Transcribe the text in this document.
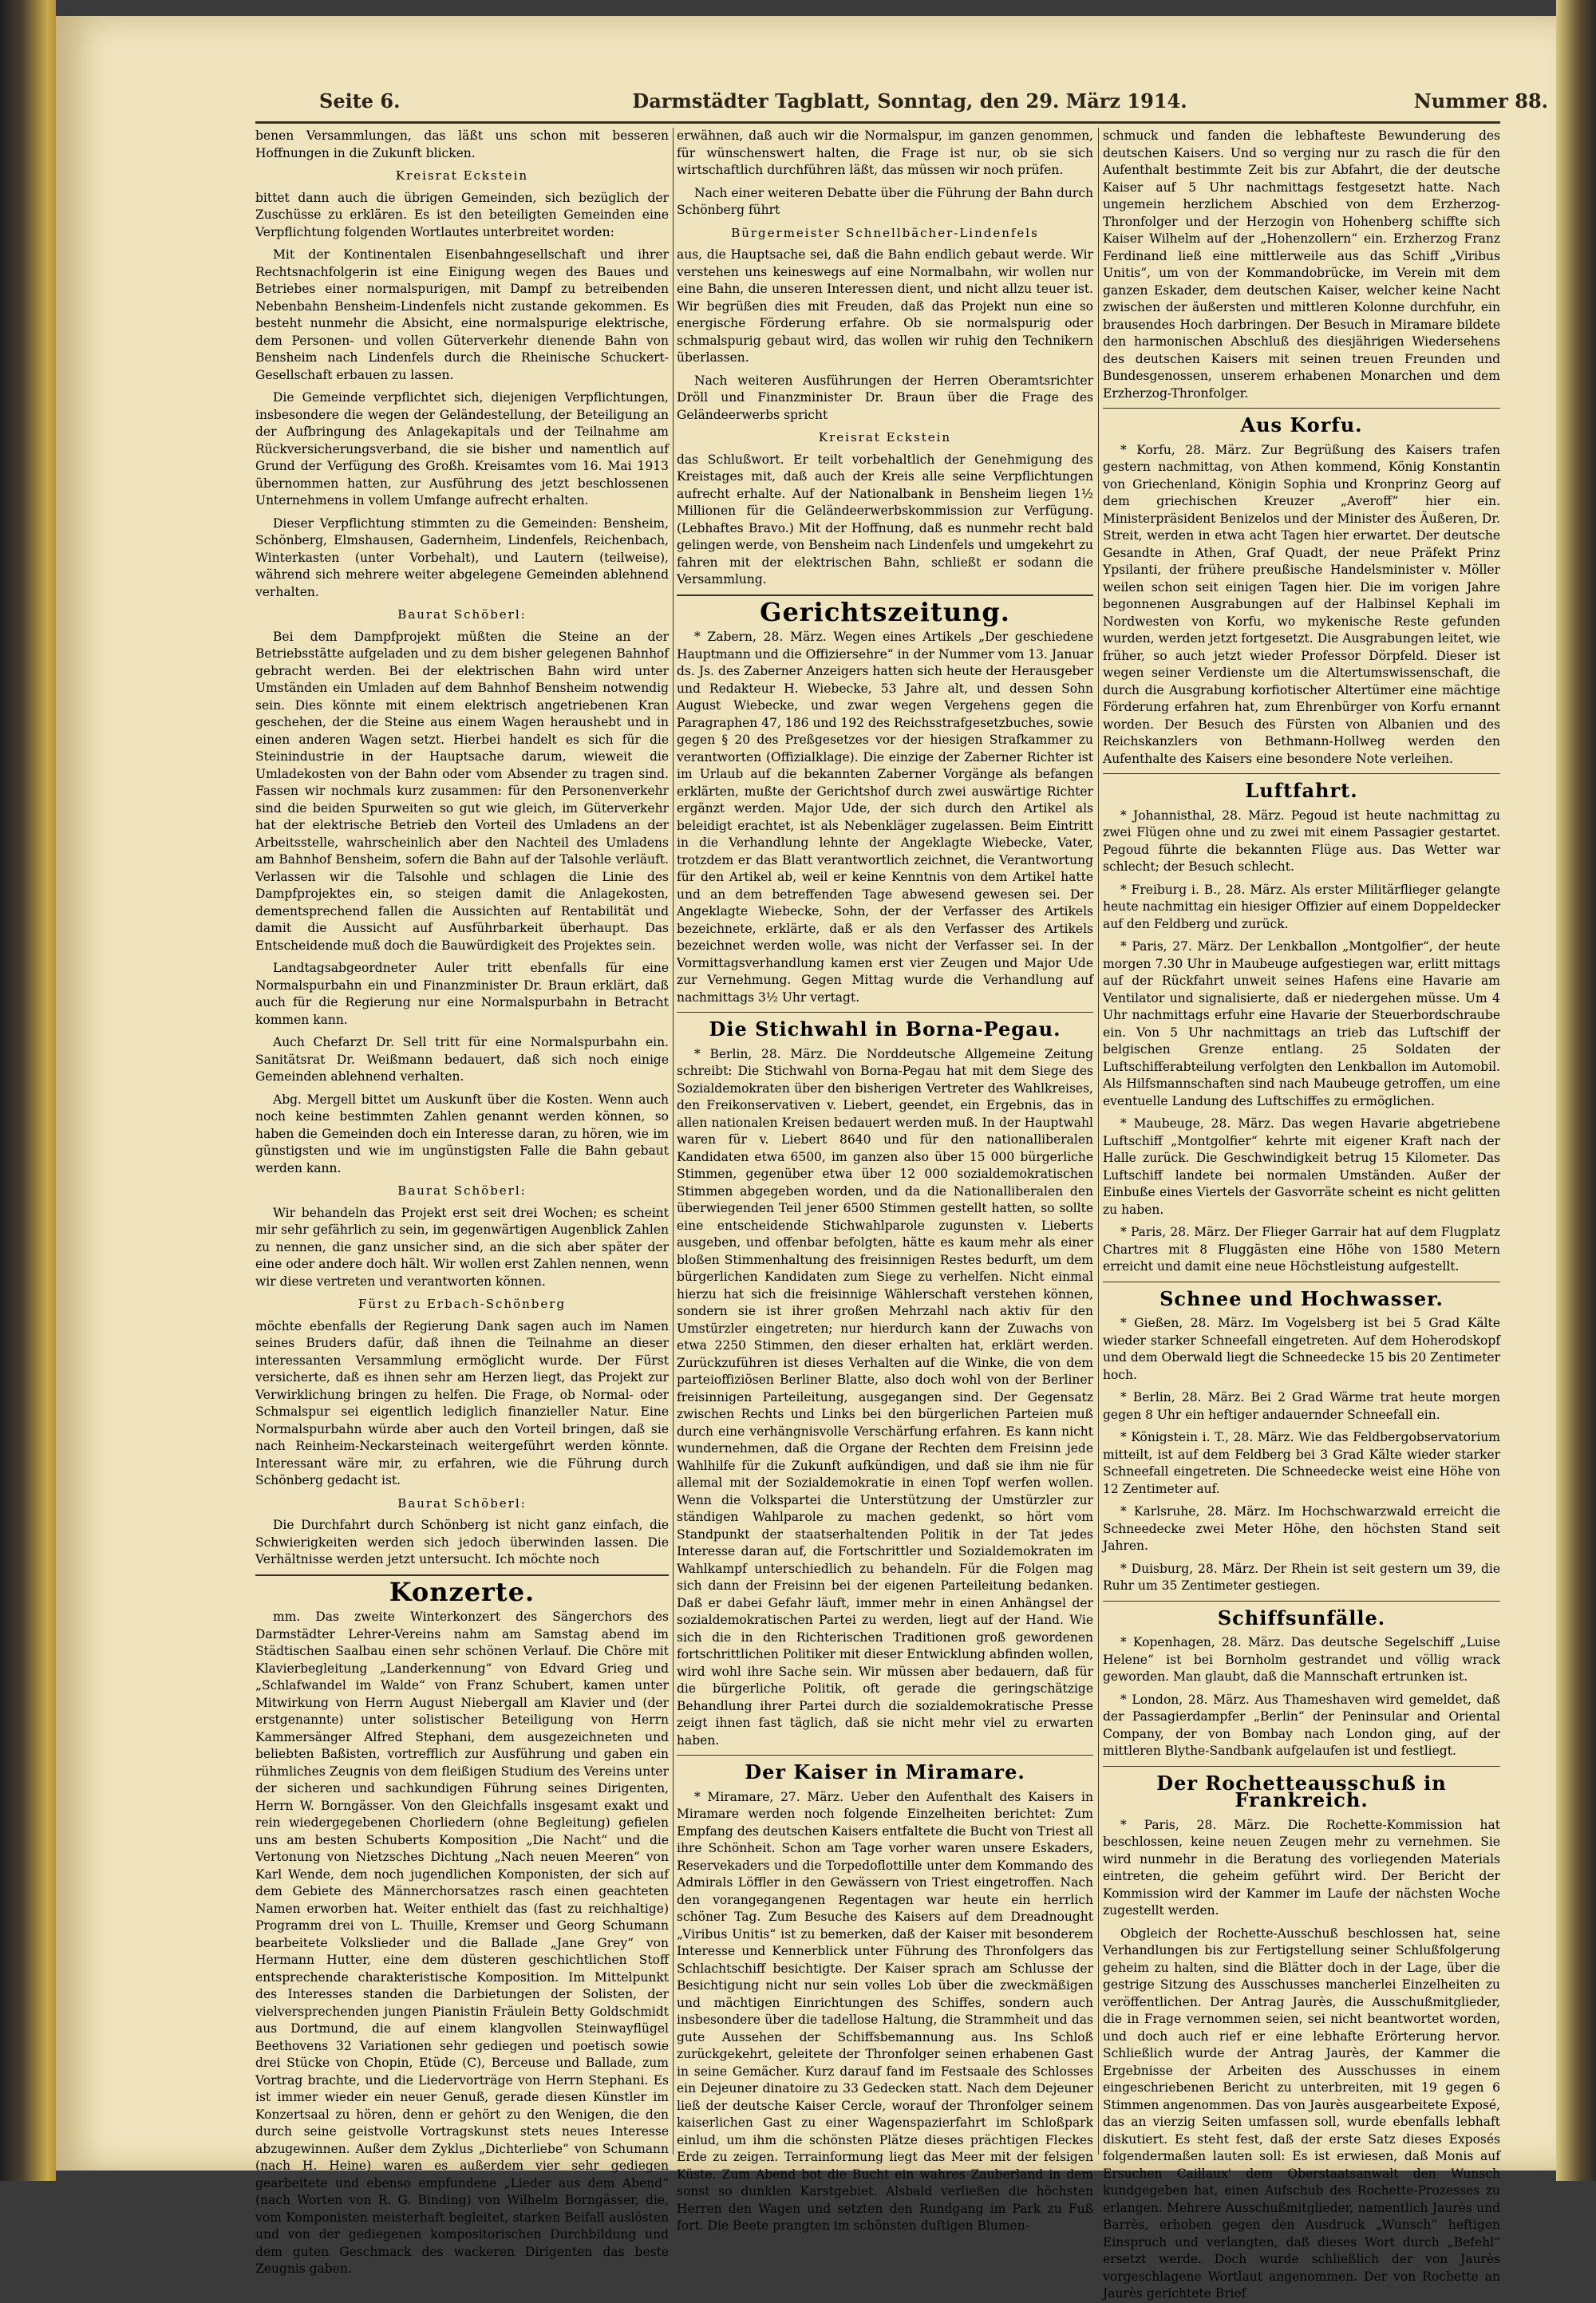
Seite 6.	Darmstädter Tagblatt, Sonntag, den 29. März 1914.	Nummer 88.

benen Versammlungen, das läßt uns schon mit besseren Hoffnungen in die Zukunft blicken.

Kreisrat Eckstein

bittet dann auch die übrigen Gemeinden, sich bezüglich der Zuschüsse zu erklären. Es ist den beteiligten Gemeinden eine Verpflichtung folgenden Wortlautes unterbreitet worden:

Mit der Kontinentalen Eisenbahngesellschaft und ihrer Rechtsnachfolgerin ist eine Einigung wegen des Baues und Betriebes einer normalspurigen, mit Dampf zu betreibenden Nebenbahn Bensheim-Lindenfels nicht zustande gekommen. Es besteht nunmehr die Absicht, eine normalspurige elektrische, dem Personen- und vollen Güterverkehr dienende Bahn von Bensheim nach Lindenfels durch die Rheinische Schuckert-Gesellschaft erbauen zu lassen.

Die Gemeinde verpflichtet sich, diejenigen Verpflichtungen, insbesondere die wegen der Geländestellung, der Beteiligung an der Aufbringung des Anlagekapitals und der Teilnahme am Rückversicherungsverband, die sie bisher und namentlich auf Grund der Verfügung des Großh. Kreisamtes vom 16. Mai 1913 übernommen hatten, zur Ausführung des jetzt beschlossenen Unternehmens in vollem Umfange aufrecht erhalten.

Dieser Verpflichtung stimmten zu die Gemeinden: Bensheim, Schönberg, Elmshausen, Gadernheim, Lindenfels, Reichenbach, Winterkasten (unter Vorbehalt), und Lautern (teilweise), während sich mehrere weiter abgelegene Gemeinden ablehnend verhalten.

Baurat Schöberl:

Bei dem Dampfprojekt müßten die Steine an der Betriebsstätte aufgeladen und zu dem bisher gelegenen Bahnhof gebracht werden. Bei der elektrischen Bahn wird unter Umständen ein Umladen auf dem Bahnhof Bensheim notwendig sein. Dies könnte mit einem elektrisch angetriebenen Kran geschehen, der die Steine aus einem Wagen heraushebt und in einen anderen Wagen setzt. Hierbei handelt es sich für die Steinindustrie in der Hauptsache darum, wieweit die Umladekosten von der Bahn oder vom Absender zu tragen sind. Fassen wir nochmals kurz zusammen: für den Personenverkehr sind die beiden Spurweiten so gut wie gleich, im Güterverkehr hat der elektrische Betrieb den Vorteil des Umladens an der Arbeitsstelle, wahrscheinlich aber den Nachteil des Umladens am Bahnhof Bensheim, sofern die Bahn auf der Talsohle verläuft. Verlassen wir die Talsohle und schlagen die Linie des Dampfprojektes ein, so steigen damit die Anlagekosten, dementsprechend fallen die Aussichten auf Rentabilität und damit die Aussicht auf Ausführbarkeit überhaupt. Das Entscheidende muß doch die Bauwürdigkeit des Projektes sein.

Landtagsabgeordneter Auler tritt ebenfalls für eine Normalspurbahn ein und Finanzminister Dr. Braun erklärt, daß auch für die Regierung nur eine Normalspurbahn in Betracht kommen kann.

Auch Chefarzt Dr. Sell tritt für eine Normalspurbahn ein. Sanitätsrat Dr. Weißmann bedauert, daß sich noch einige Gemeinden ablehnend verhalten.

Abg. Mergell bittet um Auskunft über die Kosten. Wenn auch noch keine bestimmten Zahlen genannt werden können, so haben die Gemeinden doch ein Interesse daran, zu hören, wie im günstigsten und wie im ungünstigsten Falle die Bahn gebaut werden kann.

Baurat Schöberl:

Wir behandeln das Projekt erst seit drei Wochen; es scheint mir sehr gefährlich zu sein, im gegenwärtigen Augenblick Zahlen zu nennen, die ganz unsicher sind, an die sich aber später der eine oder andere doch hält. Wir wollen erst Zahlen nennen, wenn wir diese vertreten und verantworten können.

Fürst zu Erbach-Schönberg

möchte ebenfalls der Regierung Dank sagen auch im Namen seines Bruders dafür, daß ihnen die Teilnahme an dieser interessanten Versammlung ermöglicht wurde. Der Fürst versicherte, daß es ihnen sehr am Herzen liegt, das Projekt zur Verwirklichung bringen zu helfen. Die Frage, ob Normal- oder Schmalspur sei eigentlich lediglich finanzieller Natur. Eine Normalspurbahn würde aber auch den Vorteil bringen, daß sie nach Reinheim-Neckarsteinach weitergeführt werden könnte. Interessant wäre mir, zu erfahren, wie die Führung durch Schönberg gedacht ist.

Baurat Schöberl:

Die Durchfahrt durch Schönberg ist nicht ganz einfach, die Schwierigkeiten werden sich jedoch überwinden lassen. Die Verhältnisse werden jetzt untersucht. Ich möchte noch

Konzerte.

mm. Das zweite Winterkonzert des Sängerchors des Darmstädter Lehrer-Vereins nahm am Samstag abend im Städtischen Saalbau einen sehr schönen Verlauf. Die Chöre mit Klavierbegleitung „Landerkennung“ von Edvard Grieg und „Schlafwandel im Walde“ von Franz Schubert, kamen unter Mitwirkung von Herrn August Niebergall am Klavier und (der erstgenannte) unter solistischer Beteiligung von Herrn Kammersänger Alfred Stephani, dem ausgezeichneten und beliebten Baßisten, vortrefflich zur Ausführung und gaben ein rühmliches Zeugnis von dem fleißigen Studium des Vereins unter der sicheren und sachkundigen Führung seines Dirigenten, Herrn W. Borngässer. Von den Gleichfalls insgesamt exakt und rein wiedergegebenen Chorliedern (ohne Begleitung) gefielen uns am besten Schuberts Komposition „Die Nacht“ und die Vertonung von Nietzsches Dichtung „Nach neuen Meeren“ von Karl Wende, dem noch jugendlichen Komponisten, der sich auf dem Gebiete des Männerchorsatzes rasch einen geachteten Namen erworben hat. Weiter enthielt das (fast zu reichhaltige) Programm drei von L. Thuille, Kremser und Georg Schumann bearbeitete Volkslieder und die Ballade „Jane Grey“ von Hermann Hutter, eine dem düsteren geschichtlichen Stoff entsprechende charakteristische Komposition. Im Mittelpunkt des Interesses standen die Darbietungen der Solisten, der vielversprechenden jungen Pianistin Fräulein Betty Goldschmidt aus Dortmund, die auf einem klangvollen Steinwayflügel Beethovens 32 Variationen sehr gediegen und poetisch sowie drei Stücke von Chopin, Etüde (C), Berceuse und Ballade, zum Vortrag brachte, und die Liedervorträge von Herrn Stephani. Es ist immer wieder ein neuer Genuß, gerade diesen Künstler im Konzertsaal zu hören, denn er gehört zu den Wenigen, die den durch seine geistvolle Vortragskunst stets neues Interesse abzugewinnen. Außer dem Zyklus „Dichterliebe“ von Schumann (nach H. Heine) waren es außerdem vier sehr gediegen gearbeitete und ebenso empfundene „Lieder aus dem Abend“ (nach Worten von R. G. Binding) von Wilhelm Borngässer, die, vom Komponisten meisterhaft begleitet, starken Beifall auslösten und von der gediegenen kompositorischen Durchbildung und dem guten Geschmack des wackeren Dirigenten das beste Zeugnis gaben.

erwähnen, daß auch wir die Normalspur, im ganzen genommen, für wünschenswert halten, die Frage ist nur, ob sie sich wirtschaftlich durchführen läßt, das müssen wir noch prüfen.

Nach einer weiteren Debatte über die Führung der Bahn durch Schönberg führt

Bürgermeister Schnellbächer-Lindenfels

aus, die Hauptsache sei, daß die Bahn endlich gebaut werde. Wir verstehen uns keineswegs auf eine Normalbahn, wir wollen nur eine Bahn, die unseren Interessen dient, und nicht allzu teuer ist. Wir begrüßen dies mit Freuden, daß das Projekt nun eine so energische Förderung erfahre. Ob sie normalspurig oder schmalspurig gebaut wird, das wollen wir ruhig den Technikern überlassen.

Nach weiteren Ausführungen der Herren Oberamtsrichter Dröll und Finanzminister Dr. Braun über die Frage des Geländeerwerbs spricht

Kreisrat Eckstein

das Schlußwort. Er teilt vorbehaltlich der Genehmigung des Kreistages mit, daß auch der Kreis alle seine Verpflichtungen aufrecht erhalte. Auf der Nationalbank in Bensheim liegen 1½ Millionen für die Geländeerwerbskommission zur Verfügung. (Lebhaftes Bravo.) Mit der Hoffnung, daß es nunmehr recht bald gelingen werde, von Bensheim nach Lindenfels und umgekehrt zu fahren mit der elektrischen Bahn, schließt er sodann die Versammlung.

Gerichtszeitung.

* Zabern, 28. März. Wegen eines Artikels „Der geschiedene Hauptmann und die Offiziersehre“ in der Nummer vom 13. Januar ds. Js. des Zaberner Anzeigers hatten sich heute der Herausgeber und Redakteur H. Wiebecke, 53 Jahre alt, und dessen Sohn August Wiebecke, und zwar wegen Vergehens gegen die Paragraphen 47, 186 und 192 des Reichsstrafgesetzbuches, sowie gegen § 20 des Preßgesetzes vor der hiesigen Strafkammer zu verantworten (Offizialklage). Die einzige der Zaberner Richter ist im Urlaub auf die bekannten Zaberner Vorgänge als befangen erklärten, mußte der Gerichtshof durch zwei auswärtige Richter ergänzt werden. Major Ude, der sich durch den Artikel als beleidigt erachtet, ist als Nebenkläger zugelassen. Beim Eintritt in die Verhandlung lehnte der Angeklagte Wiebecke, Vater, trotzdem er das Blatt verantwortlich zeichnet, die Verantwortung für den Artikel ab, weil er keine Kenntnis von dem Artikel hatte und an dem betreffenden Tage abwesend gewesen sei. Der Angeklagte Wiebecke, Sohn, der der Verfasser des Artikels bezeichnete, erklärte, daß er als den Verfasser des Artikels bezeichnet werden wolle, was nicht der Verfasser sei. In der Vormittagsverhandlung kamen erst vier Zeugen und Major Ude zur Vernehmung. Gegen Mittag wurde die Verhandlung auf nachmittags 3½ Uhr vertagt.

Die Stichwahl in Borna-Pegau.

* Berlin, 28. März. Die Norddeutsche Allgemeine Zeitung schreibt: Die Stichwahl von Borna-Pegau hat mit dem Siege des Sozialdemokraten über den bisherigen Vertreter des Wahlkreises, den Freikonservativen v. Liebert, geendet, ein Ergebnis, das in allen nationalen Kreisen bedauert werden muß. In der Hauptwahl waren für v. Liebert 8640 und für den nationalliberalen Kandidaten etwa 6500, im ganzen also über 15 000 bürgerliche Stimmen, gegenüber etwa über 12 000 sozialdemokratischen Stimmen abgegeben worden, und da die Nationalliberalen den überwiegenden Teil jener 6500 Stimmen gestellt hatten, so sollte eine entscheidende Stichwahlparole zugunsten v. Lieberts ausgeben, und offenbar befolgten, hätte es kaum mehr als einer bloßen Stimmenhaltung des freisinnigen Restes bedurft, um dem bürgerlichen Kandidaten zum Siege zu verhelfen. Nicht einmal hierzu hat sich die freisinnige Wählerschaft verstehen können, sondern sie ist ihrer großen Mehrzahl nach aktiv für den Umstürzler eingetreten; nur hierdurch kann der Zuwachs von etwa 2250 Stimmen, den dieser erhalten hat, erklärt werden. Zurückzuführen ist dieses Verhalten auf die Winke, die von dem parteioffiziösen Berliner Blatte, also doch wohl von der Berliner freisinnigen Parteileitung, ausgegangen sind. Der Gegensatz zwischen Rechts und Links bei den bürgerlichen Parteien muß durch eine verhängnisvolle Verschärfung erfahren. Es kann nicht wundernehmen, daß die Organe der Rechten dem Freisinn jede Wahlhilfe für die Zukunft aufkündigen, und daß sie ihm nie für allemal mit der Sozialdemokratie in einen Topf werfen wollen. Wenn die Volkspartei die Unterstützung der Umstürzler zur ständigen Wahlparole zu machen gedenkt, so hört vom Standpunkt der staatserhaltenden Politik in der Tat jedes Interesse daran auf, die Fortschrittler und Sozialdemokraten im Wahlkampf unterschiedlich zu behandeln. Für die Folgen mag sich dann der Freisinn bei der eigenen Parteileitung bedanken. Daß er dabei Gefahr läuft, immer mehr in einen Anhängsel der sozialdemokratischen Partei zu werden, liegt auf der Hand. Wie sich die in den Richterischen Traditionen groß gewordenen fortschrittlichen Politiker mit dieser Entwicklung abfinden wollen, wird wohl ihre Sache sein. Wir müssen aber bedauern, daß für die bürgerliche Politik, oft gerade die geringschätzige Behandlung ihrer Partei durch die sozialdemokratische Presse zeigt ihnen fast täglich, daß sie nicht mehr viel zu erwarten haben.

Der Kaiser in Miramare.

* Miramare, 27. März. Ueber den Aufenthalt des Kaisers in Miramare werden noch folgende Einzelheiten berichtet: Zum Empfang des deutschen Kaisers entfaltete die Bucht von Triest all ihre Schönheit. Schon am Tage vorher waren unsere Eskaders, Reservekaders und die Torpedoflottille unter dem Kommando des Admirals Löffler in den Gewässern von Triest eingetroffen. Nach den vorangegangenen Regentagen war heute ein herrlich schöner Tag. Zum Besuche des Kaisers auf dem Dreadnought „Viribus Unitis“ ist zu bemerken, daß der Kaiser mit besonderem Interesse und Kennerblick unter Führung des Thronfolgers das Schlachtschiff besichtigte. Der Kaiser sprach am Schlusse der Besichtigung nicht nur sein volles Lob über die zweckmäßigen und mächtigen Einrichtungen des Schiffes, sondern auch insbesondere über die tadellose Haltung, die Strammheit und das gute Aussehen der Schiffsbemannung aus. Ins Schloß zurückgekehrt, geleitete der Thronfolger seinen erhabenen Gast in seine Gemächer. Kurz darauf fand im Festsaale des Schlosses ein Dejeuner dinatoire zu 33 Gedecken statt. Nach dem Dejeuner ließ der deutsche Kaiser Cercle, worauf der Thronfolger seinem kaiserlichen Gast zu einer Wagenspazierfahrt im Schloßpark einlud, um ihm die schönsten Plätze dieses prächtigen Fleckes Erde zu zeigen. Terrainformung liegt das Meer mit der felsigen Küste. Zum Abend bot die Bucht ein wahres Zauberland in dem sonst so dunklen Karstgebiet. Alsbald verließen die höchsten Herren den Wagen und setzten den Rundgang im Park zu Fuß fort. Die Beete prangten im schönsten duftigen Blumen-

schmuck und fanden die lebhafteste Bewunderung des deutschen Kaisers. Und so verging nur zu rasch die für den Aufenthalt bestimmte Zeit bis zur Abfahrt, die der deutsche Kaiser auf 5 Uhr nachmittags festgesetzt hatte. Nach ungemein herzlichem Abschied von dem Erzherzog-Thronfolger und der Herzogin von Hohenberg schiffte sich Kaiser Wilhelm auf der „Hohenzollern“ ein. Erzherzog Franz Ferdinand ließ eine mittlerweile aus das Schiff „Viribus Unitis“, um von der Kommandobrücke, im Verein mit dem ganzen Eskader, dem deutschen Kaiser, welcher keine Nacht zwischen der äußersten und mittleren Kolonne durchfuhr, ein brausendes Hoch darbringen. Der Besuch in Miramare bildete den harmonischen Abschluß des diesjährigen Wiedersehens des deutschen Kaisers mit seinen treuen Freunden und Bundesgenossen, unserem erhabenen Monarchen und dem Erzherzog-Thronfolger.

Aus Korfu.

* Korfu, 28. März. Zur Begrüßung des Kaisers trafen gestern nachmittag, von Athen kommend, König Konstantin von Griechenland, Königin Sophia und Kronprinz Georg auf dem griechischen Kreuzer „Averoff“ hier ein. Ministerpräsident Benizelos und der Minister des Äußeren, Dr. Streit, werden in etwa acht Tagen hier erwartet. Der deutsche Gesandte in Athen, Graf Quadt, der neue Präfekt Prinz Ypsilanti, der frühere preußische Handelsminister v. Möller weilen schon seit einigen Tagen hier. Die im vorigen Jahre begonnenen Ausgrabungen auf der Halbinsel Kephali im Nordwesten von Korfu, wo mykenische Reste gefunden wurden, werden jetzt fortgesetzt. Die Ausgrabungen leitet, wie früher, so auch jetzt wieder Professor Dörpfeld. Dieser ist wegen seiner Verdienste um die Altertumswissenschaft, die durch die Ausgrabung korfiotischer Altertümer eine mächtige Förderung erfahren hat, zum Ehrenbürger von Korfu ernannt worden. Der Besuch des Fürsten von Albanien und des Reichskanzlers von Bethmann-Hollweg werden den Aufenthalte des Kaisers eine besondere Note verleihen.

Luftfahrt.

* Johannisthal, 28. März. Pegoud ist heute nachmittag zu zwei Flügen ohne und zu zwei mit einem Passagier gestartet. Pegoud führte die bekannten Flüge aus. Das Wetter war schlecht; der Besuch schlecht.

* Freiburg i. B., 28. März. Als erster Militärflieger gelangte heute nachmittag ein hiesiger Offizier auf einem Doppeldecker auf den Feldberg und zurück.

* Paris, 27. März. Der Lenkballon „Montgolfier“, der heute morgen 7.30 Uhr in Maubeuge aufgestiegen war, erlitt mittags auf der Rückfahrt unweit seines Hafens eine Havarie am Ventilator und signalisierte, daß er niedergehen müsse. Um 4 Uhr nachmittags erfuhr eine Havarie der Steuerbordschraube ein. Von 5 Uhr nachmittags an trieb das Luftschiff der belgischen Grenze entlang. 25 Soldaten der Luftschifferabteilung verfolgten den Lenkballon im Automobil. Als Hilfsmannschaften sind nach Maubeuge getroffen, um eine eventuelle Landung des Luftschiffes zu ermöglichen.

* Maubeuge, 28. März. Das wegen Havarie abgetriebene Luftschiff „Montgolfier“ kehrte mit eigener Kraft nach der Halle zurück. Die Geschwindigkeit betrug 15 Kilometer. Das Luftschiff landete bei normalen Umständen. Außer der Einbuße eines Viertels der Gasvorräte scheint es nicht gelitten zu haben.

* Paris, 28. März. Der Flieger Garrair hat auf dem Flugplatz Chartres mit 8 Fluggästen eine Höhe von 1580 Metern erreicht und damit eine neue Höchstleistung aufgestellt.

Schnee und Hochwasser.

* Gießen, 28. März. Im Vogelsberg ist bei 5 Grad Kälte wieder starker Schneefall eingetreten. Auf dem Hoherodskopf und dem Oberwald liegt die Schneedecke 15 bis 20 Zentimeter hoch.

* Berlin, 28. März. Bei 2 Grad Wärme trat heute morgen gegen 8 Uhr ein heftiger andauernder Schneefall ein.

* Königstein i. T., 28. März. Wie das Feldbergobservatorium mitteilt, ist auf dem Feldberg bei 3 Grad Kälte wieder starker Schneefall eingetreten. Die Schneedecke weist eine Höhe von 12 Zentimeter auf.

* Karlsruhe, 28. März. Im Hochschwarzwald erreicht die Schneedecke zwei Meter Höhe, den höchsten Stand seit Jahren.

* Duisburg, 28. März. Der Rhein ist seit gestern um 39, die Ruhr um 35 Zentimeter gestiegen.

Schiffsunfälle.

* Kopenhagen, 28. März. Das deutsche Segelschiff „Luise Helene“ ist bei Bornholm gestrandet und völlig wrack geworden. Man glaubt, daß die Mannschaft ertrunken ist.

* London, 28. März. Aus Thameshaven wird gemeldet, daß der Passagierdampfer „Berlin“ der Peninsular and Oriental Company, der von Bombay nach London ging, auf der mittleren Blythe-Sandbank aufgelaufen ist und festliegt.

Der Rochetteausschuß in Frankreich.

* Paris, 28. März. Die Rochette-Kommission hat beschlossen, keine neuen Zeugen mehr zu vernehmen. Sie wird nunmehr in die Beratung des vorliegenden Materials eintreten, die geheim geführt wird. Der Bericht der Kommission wird der Kammer im Laufe der nächsten Woche zugestellt werden.

Obgleich der Rochette-Ausschuß beschlossen hat, seine Verhandlungen bis zur Fertigstellung seiner Schlußfolgerung geheim zu halten, sind die Blätter doch in der Lage, über die gestrige Sitzung des Ausschusses mancherlei Einzelheiten zu veröffentlichen. Der Antrag Jaurès, die Ausschußmitglieder, die in Frage vernommen seien, sei nicht beantwortet worden, und doch auch rief er eine lebhafte Erörterung hervor. Schließlich wurde der Antrag Jaurès, der Kammer die Ergebnisse der Arbeiten des Ausschusses in einem eingeschriebenen Bericht zu unterbreiten, mit 19 gegen 6 Stimmen angenommen. Das von Jaurès ausgearbeitete Exposé, das an vierzig Seiten umfassen soll, wurde ebenfalls lebhaft diskutiert. Es steht fest, daß der erste Satz dieses Exposés folgendermaßen lauten soll: Es ist erwiesen, daß Monis auf Ersuchen Caillaux' dem Oberstaatsanwalt den Wunsch kundgegeben hat, einen Aufschub des Rochette-Prozesses zu erlangen. Mehrere Ausschußmitglieder, namentlich Jaurès und Barrès, erhoben gegen den Ausdruck „Wunsch“ heftigen Einspruch und verlangten, daß dieses Wort durch „Befehl“ ersetzt werde. Doch wurde schließlich der von Jaurès vorgeschlagene Wortlaut angenommen. Der von Rochette an Jaurès gerichtete Brief
